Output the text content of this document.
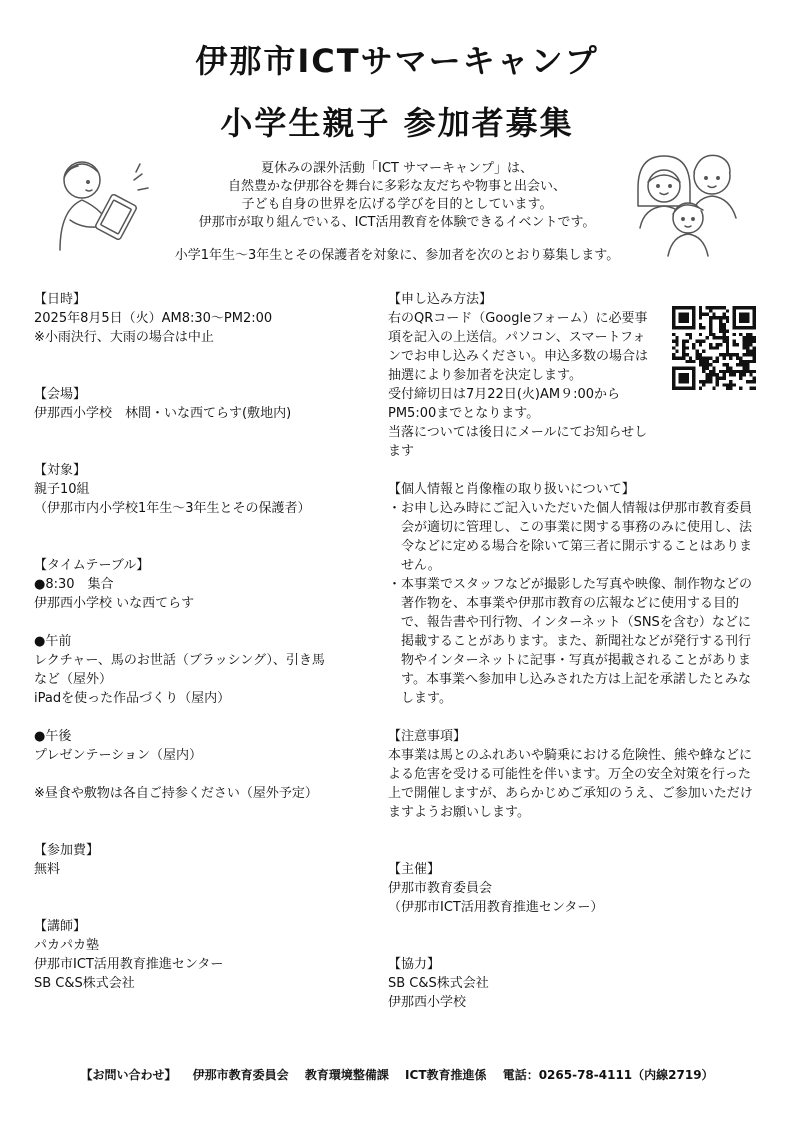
伊那市ICTサマーキャンプ
小学生親子 参加者募集
夏休みの課外活動「ICT サマーキャンプ」は、
自然豊かな伊那谷を舞台に多彩な友だちや物事と出会い、
子ども自身の世界を広げる学びを目的としています。
伊那市が取り組んでいる、ICT活用教育を体験できるイベントです。
小学1年生～3年生とその保護者を対象に、参加者を次のとおり募集します。
【日時】
2025年8月5日（火）AM8:30～PM2:00
※小雨決行、大雨の場合は中止
【会場】
伊那西小学校　林間・いな西てらす(敷地内)
【対象】
親子10組
（伊那市内小学校1年生～3年生とその保護者）
【タイムテーブル】
●8:30　集合
伊那西小学校 いな西てらす
●午前
レクチャー、馬のお世話（ブラッシング）、引き馬
など（屋外）
iPadを使った作品づくり（屋内）
●午後
プレゼンテーション（屋内）
※昼食や敷物は各自ご持参ください（屋外予定）
【参加費】
無料
【講師】
パカパカ塾
伊那市ICT活用教育推進センター
SB C&S株式会社
【申し込み方法】
右のQRコード（Googleフォーム）に必要事項を記入の上送信。パソコン、スマートフォンでお申し込みください。申込多数の場合は抽選により参加者を決定します。
受付締切日は7月22日(火)AM９:00からPM5:00までとなります。
当落については後日にメールにてお知らせします
【個人情報と肖像権の取り扱いについて】
・ お申し込み時にご記入いただいた個人情報は伊那市教育委員会が適切に管理し、この事業に関する事務のみに使用し、法令などに定める場合を除いて第三者に開示することはありません。
・ 本事業でスタッフなどが撮影した写真や映像、制作物などの著作物を、本事業や伊那市教育の広報などに使用する目的で、報告書や刊行物、インターネット（SNSを含む）などに掲載することがあります。また、新聞社などが発行する刊行物やインターネットに記事・写真が掲載されることがあります。本事業へ参加申し込みされた方は上記を承諾したとみなします。
【注意事項】
本事業は馬とのふれあいや騎乗における危険性、熊や蜂などによる危害を受ける可能性を伴います。万全の安全対策を行った上で開催しますが、あらかじめご承知のうえ、ご参加いただけますようお願いします。
【主催】
伊那市教育委員会
（伊那市ICT活用教育推進センター）
【協力】
SB C&S株式会社
伊那西小学校
【お問い合わせ】 伊那市教育委員会 教育環境整備課 ICT教育推進係 電話：0265-78-4111（内線2719）
